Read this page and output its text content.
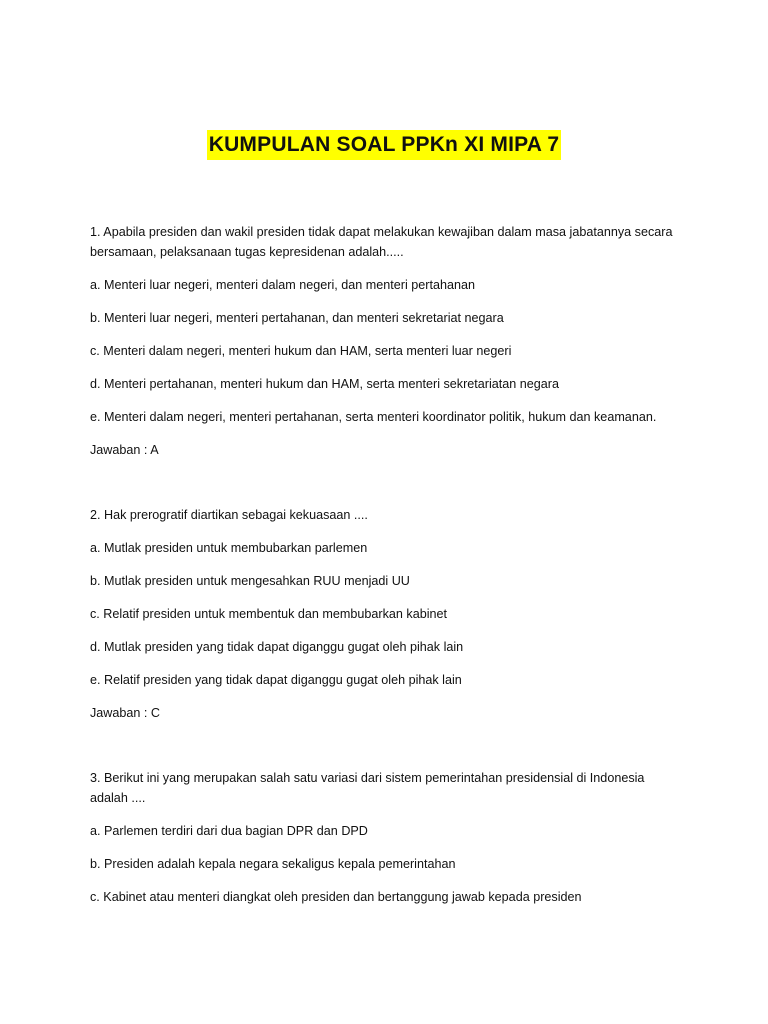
KUMPULAN SOAL PPKn XI MIPA 7
1. Apabila presiden dan wakil presiden tidak dapat melakukan kewajiban dalam masa jabatannya secara
bersamaan, pelaksanaan tugas kepresidenan adalah.....

a. Menteri luar negeri, menteri dalam negeri, dan menteri pertahanan

b. Menteri luar negeri, menteri pertahanan, dan menteri sekretariat negara

c. Menteri dalam negeri, menteri hukum dan HAM, serta menteri luar negeri

d. Menteri pertahanan, menteri hukum dan HAM, serta menteri sekretariatan negara

e. Menteri dalam negeri, menteri pertahanan, serta menteri koordinator politik, hukum dan keamanan.

Jawaban : A

2. Hak prerogratif diartikan sebagai kekuasaan ....

a. Mutlak presiden untuk membubarkan parlemen

b. Mutlak presiden untuk mengesahkan RUU menjadi UU

c. Relatif presiden untuk membentuk dan membubarkan kabinet

d. Mutlak presiden yang tidak dapat diganggu gugat oleh pihak lain

e. Relatif presiden yang tidak dapat diganggu gugat oleh pihak lain

Jawaban : C

3. Berikut ini yang merupakan salah satu variasi dari sistem pemerintahan presidensial di Indonesia
adalah ....

a. Parlemen terdiri dari dua bagian DPR dan DPD

b. Presiden adalah kepala negara sekaligus kepala pemerintahan

c. Kabinet atau menteri diangkat oleh presiden dan bertanggung jawab kepada presiden
